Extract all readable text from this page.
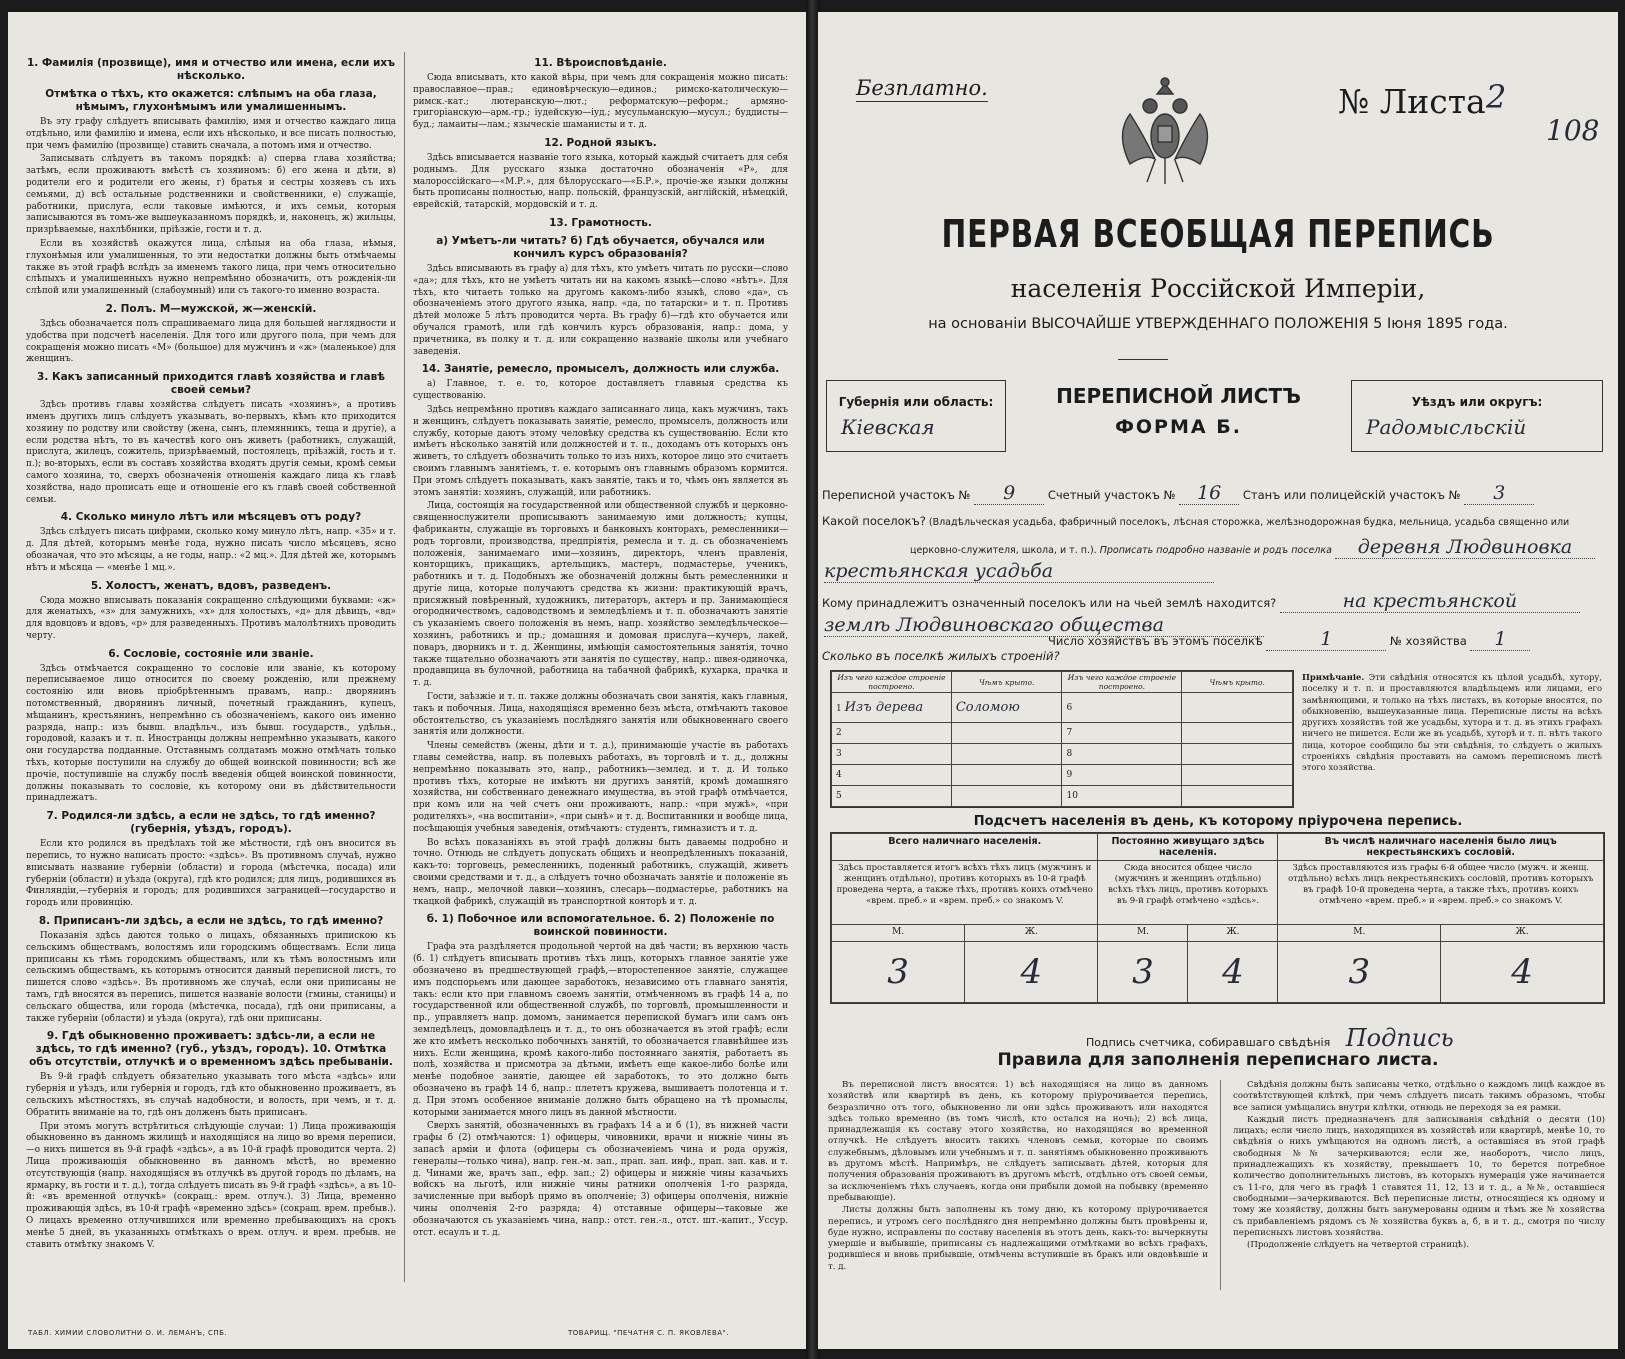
1. Фамилія (прозвище), имя и отчество или имена, если ихъ нѣсколько.
Отмѣтка о тѣхъ, кто окажется: слѣпымъ на оба глаза, нѣмымъ, глухонѣмымъ или умалишеннымъ.

Въ эту графу слѣдуетъ вписывать фамилію, имя и отчество каждаго лица отдѣльно, или фамилію и имена, если ихъ нѣсколько, и все писать полностью, при чемъ фамилію (прозвище) ставить сначала, а потомъ имя и отчество.

Записывать слѣдуетъ въ такомъ порядкѣ: а) сперва глава хозяйства; затѣмъ, если проживаютъ вмѣстѣ съ хозяиномъ: б) его жена и дѣти, в) родители его и родители его жены, г) братья и сестры хозяевъ съ ихъ семьями, д) всѣ остальные родственники и свойственники, е) служащіе, работники, прислуга, если таковые имѣются, и ихъ семьи, которыя записываются въ томъ-же вышеуказанномъ порядкѣ, и, наконецъ, ж) жильцы, призрѣваемые, нахлѣбники, пріѣзжіе, гости и т. д.

Если въ хозяйствѣ окажутся лица, слѣпыя на оба глаза, нѣмыя, глухонѣмыя или умалишенныя, то эти недостатки должны быть отмѣчаемы также въ этой графѣ вслѣдъ за именемъ такого лица, при чемъ относительно слѣпыхъ и умалишенныхъ нужно непремѣнно обозначить, отъ рожденія-ли слѣпой или умалишенный (слабоумный) или съ такого-то именно возраста.

2. Полъ. М—мужской, ж—женскій.

Здѣсь обозначается полъ спрашиваемаго лица для большей наглядности и удобства при подсчетѣ населенія. Для того или другого пола, при чемъ для сокращенія можно писать «М» (большое) для мужчинъ и «ж» (маленькое) для женщинъ.

3. Какъ записанный приходится главѣ хозяйства и главѣ своей семьи?

Здѣсь противъ главы хозяйства слѣдуетъ писать «хозяинъ», а противъ именъ другихъ лицъ слѣдуетъ указывать, во-первыхъ, кѣмъ кто приходится хозяину по родству или свойству (жена, сынъ, племянникъ, теща и другіе), а если родства нѣтъ, то въ качествѣ кого онъ живетъ (работникъ, служащій, прислуга, жилецъ, сожитель, призрѣваемый, постоялецъ, пріѣзжій, гость и т. п.); во-вторыхъ, если въ составъ хозяйства входятъ другія семьи, кромѣ семьи самого хозяина, то, сверхъ обозначенія отношенія каждаго лица къ главѣ хозяйства, надо прописать еще и отношеніе его къ главѣ своей собственной семьи.

4. Сколько минуло лѣтъ или мѣсяцевъ отъ роду?

Здѣсь слѣдуетъ писать цифрами, сколько кому минуло лѣтъ, напр. «35» и т. д. Для дѣтей, которымъ менѣе года, нужно писать число мѣсяцевъ, ясно обозначая, что это мѣсяцы, а не годы, напр.: «2 мц.». Для дѣтей же, которымъ нѣтъ и мѣсяца — «менѣе 1 мц.».

5. Холостъ, женатъ, вдовъ, разведенъ.

Сюда можно вписывать показанія сокращенно слѣдующими буквами: «ж» для женатыхъ, «з» для замужнихъ, «х» для холостыхъ, «д» для дѣвицъ, «вд» для вдовцовъ и вдовъ, «р» для разведенныхъ. Противъ малолѣтнихъ проводить черту.

6. Сословіе, состояніе или званіе.

Здѣсь отмѣчается сокращенно то сословіе или званіе, къ которому переписываемое лицо относится по своему рожденію, или прежнему состоянію или вновь пріобрѣтеннымъ правамъ, напр.: дворянинъ потомственный, дворянинъ личный, почетный гражданинъ, купецъ, мѣщанинъ, крестьянинъ, непремѣнно съ обозначеніемъ, какого онъ именно разряда, напр.: изъ бывш. владѣльч., изъ бывш. государств., удѣльн., городовой, казакъ и т. п. Иностранцы должны непремѣнно указывать, какого они государства подданные. Отставнымъ солдатамъ можно отмѣчать только тѣхъ, которые поступили на службу до общей воинской повинности; всѣ же прочіе, поступившіе на службу послѣ введенія общей воинской повинности, должны показывать то сословіе, къ которому они въ дѣйствительности принадлежатъ.

7. Родился-ли здѣсь, а если не здѣсь, то гдѣ именно? (губернія, уѣздъ, городъ).

Если кто родился въ предѣлахъ той же мѣстности, гдѣ онъ вносится въ перепись, то нужно написать просто: «здѣсь». Въ противномъ случаѣ, нужно вписывать название губерніи (области) и города (мѣстечка, посада) или губерніи (области) и уѣзда (округа), гдѣ кто родился; для лицъ, родившихся въ Финляндіи,—губернія и городъ; для родившихся заграницей—государство и городъ или провинцію.

8. Приписанъ-ли здѣсь, а если не здѣсь, то гдѣ именно?

Показанія здѣсь даются только о лицахъ, обязанныхъ припискою къ сельскимъ обществамъ, волостямъ или городскимъ обществамъ. Если лица приписаны къ тѣмъ городскимъ обществамъ, или къ тѣмъ волостнымъ или сельскимъ обществамъ, къ которымъ относится данный переписной листъ, то пишется слово «здѣсь». Въ противномъ же случаѣ, если они приписаны не тамъ, гдѣ вносятся въ перепись, пишется названіе волости (гмины, станицы) и сельскаго общества, или города (мѣстечка, посада), гдѣ они приписаны, а также губерніи (области) и уѣзда (округа), гдѣ они приписаны.

9. Гдѣ обыкновенно проживаетъ: здѣсь-ли, а если не здѣсь, то гдѣ именно? (губ., уѣздъ, городъ). 10. Отмѣтка объ отсутствіи, отлучкѣ и о временномъ здѣсь пребываніи.

Въ 9-й графѣ слѣдуетъ обязательно указывать того мѣста «здѣсь» или губернія и уѣздъ, или губернія и городъ, гдѣ кто обыкновенно проживаетъ, въ сельскихъ мѣстностяхъ, въ случаѣ надобности, и волость, при чемъ, и т. д. Обратить вниманіе на то, гдѣ онъ долженъ быть приписанъ.

При этомъ могутъ встрѣтиться слѣдующіе случаи: 1) Лица проживающія обыкновенно въ данномъ жилищѣ и находящіяся на лицо во время переписи,—о нихъ пишется въ 9-й графѣ «здѣсь», а въ 10-й графѣ проводится черта. 2) Лица проживающія обыкновенно въ данномъ мѣстѣ, но временно отсутствующія (напр. находящіяся въ отлучкѣ въ другой городъ по дѣламъ, на ярмарку, въ гости и т. д.), тогда слѣдуетъ писать въ 9-й графѣ «здѣсь», а въ 10-й: «въ временной отлучкѣ» (сокращ.: врем. отлуч.). 3) Лица, временно проживающія здѣсь, въ 10-й графѣ «временно здѣсь» (сокращ. врем. пребыв.). О лицахъ временно отлучившихся или временно пребывающихъ на срокъ менѣе 5 дней, въ указанныхъ отмѣткахъ о врем. отлуч. и врем. пребыв. не ставить отмѣтку знакомъ V.

11. Вѣроисповѣданіе.

Сюда вписывать, кто какой вѣры, при чемъ для сокращенія можно писать: православное—прав.; единовѣрческую—единов.; римско-католическую—римск.-кат.; лютеранскую—лют.; реформатскую—реформ.; армяно-григоріанскую—арм.-гр.; іудейскую—іуд.; мусульманскую—мусул.; буддисты—буд.; ламаиты—лам.; языческіе шаманисты и т. д.

12. Родной языкъ.

Здѣсь вписывается названіе того языка, который каждый считаетъ для себя роднымъ. Для русскаго языка достаточно обозначенія «Р», для малороссійскаго—«М.Р.», для бѣлорусскаго—«Б.Р.», прочіе-же языки должны быть прописаны полностью, напр. польскій, французскій, англійскій, нѣмецкій, еврейскій, татарскій, мордовскій и т. д.

13. Грамотность.
а) Умѣетъ-ли читать? б) Гдѣ обучается, обучался или кончилъ курсъ образованія?

Здѣсь вписывають въ графу а) для тѣхъ, кто умѣетъ читать по русски—слово «да»; для тѣхъ, кто не умѣетъ читать ни на какомъ языкѣ—слово «нѣтъ». Для тѣхъ, кто читаетъ только на другомъ какомъ-либо языкѣ, слово «да», съ обозначеніемъ этого другого языка, напр. «да, по татарски» и т. п. Противъ дѣтей моложе 5 лѣтъ проводится черта. Въ графу б)—гдѣ кто обучается или обучался грамотѣ, или гдѣ кончилъ курсъ образованія, напр.: дома, у причетника, въ полку и т. д. или сокращенно названіе школы или учебнаго заведенія.

14. Занятіе, ремесло, промыселъ, должность или служба.

а) Главное, т. е. то, которое доставляетъ главныя средства къ существованію.

Здѣсь непремѣнно противъ каждаго записаннаго лица, какъ мужчинъ, такъ и женщинъ, слѣдуетъ показывать занятіе, ремесло, промыселъ, должность или службу, которые даютъ этому человѣку средства къ существованію. Если кто имѣетъ нѣсколько занятій или должностей и т. п., доходамъ отъ которыхъ онъ живетъ, то слѣдуетъ обозначить только то изъ нихъ, которое лицо это считаетъ своимъ главнымъ занятіемъ, т. е. которымъ онъ главнымъ образомъ кормится. При этомъ слѣдуетъ показывать, какъ занятіе, такъ и то, чѣмъ онъ является въ этомъ занятіи: хозяинъ, служащій, или работникъ.

Лица, состоящія на государственной или общественной службѣ и церковно-священнослужители прописываютъ занимаемую ими должность; купцы, фабриканты, служащіе въ торговыхъ и банковыхъ конторахъ, ремесленники—родъ торговли, производства, предпріятія, ремесла и т. д. съ обозначеніемъ положенія, занимаемаго ими—хозяинъ, директоръ, членъ правленія, конторщикъ, прикащикъ, артельщикъ, мастеръ, подмастерье, ученикъ, работникъ и т. д. Подобныхъ же обозначеній должны быть ремесленники и другіе лица, которые получаютъ средства къ жизни: практикующій врачъ, присяжный повѣренный, художникъ, литераторъ, актеръ и пр. Занимающіеся огородничествомъ, садоводствомъ и земледѣліемъ и т. п. обозначаютъ занятіе съ указаніемъ своего положенія въ немъ, напр. хозяйство земледѣльческое—хозяинъ, работникъ и пр.; домашняя и домовая прислуга—кучеръ, лакей, поваръ, дворникъ и т. д. Женщины, имѣющія самостоятельныя занятія, точно также тщательно обозначаютъ эти занятія по существу, напр.: швея-одиночка, продавщица въ булочной, работница на табачной фабрикѣ, кухарка, прачка и т. д.

Гости, заѣзжіе и т. п. также должны обозначать свои занятія, какъ главныя, такъ и побочныя. Лица, находящіяся временно безъ мѣста, отмѣчаютъ таковое обстоятельство, съ указаніемъ послѣдняго занятія или обыкновеннаго своего занятія или должности.

Члены семействъ (жены, дѣти и т. д.), принимающіе участіе въ работахъ главы семейства, напр. въ полевыхъ работахъ, въ торговлѣ и т. д., должны непремѣнно показывать это, напр., работникъ—землед. и т. д. И только противъ тѣхъ, которые не имѣютъ ни другихъ занятій, кромѣ домашняго хозяйства, ни собственнаго денежнаго имущества, въ этой графѣ отмѣчается, при комъ или на чей счетъ они проживаютъ, напр.: «при мужѣ», «при родителяхъ», «на воспитаніи», «при сынѣ» и т. д. Воспитанники и вообще лица, посѣщающія учебныя заведенія, отмѣчаютъ: студентъ, гимназистъ и т. д.

Во всѣхъ показаніяхъ въ этой графѣ должны быть даваемы подробно и точно. Отнюдь не слѣдуетъ допускать общихъ и неопредѣленныхъ показаній, какъ-то: торговецъ, ремесленникъ, поденный работникъ, служащій, живетъ своими средствами и т. д., а слѣдуетъ точно обозначать занятіе и положеніе въ немъ, напр., мелочной лавки—хозяинъ, слесарь—подмастерье, работникъ на ткацкой фабрикѣ, служащій въ транспортной конторѣ и т. д.

б. 1) Побочное или вспомогательное. б. 2) Положеніе по воинской повинности.

Графа эта раздѣляется продольной чертой на двѣ части; въ верхнюю часть (б. 1) слѣдуетъ вписывать противъ тѣхъ лицъ, которыхъ главное занятіе уже обозначено въ предшествующей графѣ,—второстепенное занятіе, служащее имъ подспорьемъ или дающее заработокъ, независимо отъ главнаго занятія, такъ: если кто при главномъ своемъ занятіи, отмѣченномъ въ графѣ 14 а, по государственной или общественной службѣ, по торговлѣ, промышленности и пр., управляетъ напр. домомъ, занимается перепиской бумагъ или самъ онъ земледѣлецъ, домовладѣлецъ и т. д., то онъ обозначается въ этой графѣ; если же кто имѣетъ несколько побочныхъ занятій, то обозначается главнѣйшее изъ нихъ. Если женщина, кромѣ какого-либо постояннаго занятія, работаетъ въ полѣ, хозяйства и присмотра за дѣтьми, имѣетъ еще какое-либо болѣе или менѣе подобное занятіе, дающее ей заработокъ, то это должно быть обозначено въ графѣ 14 б, напр.: плететъ кружева, вышиваетъ полотенца и т. д. При этомъ особенное вниманіе должно быть обращено на тѣ промыслы, которыми занимается много лицъ въ данной мѣстности.

Сверхъ занятій, обозначенныхъ въ графахъ 14 а и б (1), въ нижней части графы б (2) отмѣчаются: 1) офицеры, чиновники, врачи и нижніе чины въ запасѣ арміи и флота (офицеры съ обозначеніемъ чина и рода оружія, генералы—только чина), напр. ген.-м. зап., прап. зап. инф., прап. зап. кав. и т. д. Чинами же, врачъ зап., ефр. зап.; 2) офицеры и нижніе чины казачьихъ войскъ на льготѣ, или нижніе чины ратники ополченія 1-го разряда, зачисленные при выборѣ прямо въ ополченіе; 3) офицеры ополченія, нижніе чины ополченія 2-го разряда; 4) отставные офицеры—таковые же обозначаются съ указаніемъ чина, напр.: отст. ген.-л., отст. шт.-капит., Уссур. отст. есаулъ и т. д.

ТАБЛ. ХИМИИ СЛОВОЛИТНИ О. И. ЛЕМАНЪ, СПБ.	ТОВАРИЩ. "ПЕЧАТНЯ С. П. ЯКОВЛЕВА".
Безплатно.	№ Листа 2
108
ПЕРВАЯ ВСЕОБЩАЯ ПЕРЕПИСЬ
населенія Россійской Имперіи,
на основаніи ВЫСОЧАЙШЕ УТВЕРЖДЕННАГО ПОЛОЖЕНІЯ 5 Іюня 1895 года.
Губернія или область:
Кіевская
ПЕРЕПИСНОЙ ЛИСТЪ
ФОРМА Б.
Уѣздъ или округъ:
Радомысльскій
Переписной участокъ № 9	Счетный участокъ № 16 Станъ или полицейскій участокъ № 3
Какой поселокъ? (Владѣльческая усадьба, фабричный поселокъ, лѣсная сторожка, желѣзнодорожная будка, мельница, усадьба священно или
церковно-служителя, школа, и т. п.). Прописать подробно названіе и родъ поселка деревня Людвиновка
крестьянская усадьба
Кому принадлежитъ означенный поселокъ или на чьей землѣ находится?	на крестьянской
землѣ Людвиновскаго общества
Число хозяйствъ въ этомъ поселкѣ	1	№ хозяйства 1
Сколько въ поселкѣ жилыхъ строеній?
Изъ чего каждое строеніе построено.	Чѣмъ крыто.	Изъ чего каждое строеніе построено.	Чѣмъ крыто.
1 Изъ дерева	Соломою	6	
2		7	
3		8	
4		9	
5		10	
Примѣчаніе. Эти свѣдѣнія относятся къ цѣлой усадьбѣ, хутору, поселку и т. п. и проставляются владѣльцемъ или лицами, его замѣняющими, и только на тѣхъ листахъ, въ которые вносятся, по обыкновенію, вышеуказанные лица. Переписные листы на всѣхъ другихъ хозяйствъ той же усадьбы, хутора и т. д. въ этихъ графахъ ничего не пишется. Если же въ усадьбѣ, хуторѣ и т. п. нѣтъ такого лица, которое сообщило бы эти свѣдѣнія, то слѣдуетъ о жилыхъ строеніяхъ свѣдѣнія проставить на самомъ переписномъ листѣ этого хозяйства.
Подсчетъ населенія въ день, къ которому пріурочена перепись.
Всего наличнаго населенія.		Постоянно живущаго здѣсь населенія.		Въ числѣ наличнаго населенія было лицъ некрестьянскихъ сословій.	
Здѣсь проставляется итогъ всѣхъ тѣхъ лицъ (мужчинъ и женщинъ отдѣльно), противъ которыхъ въ 10-й графѣ проведена черта, а также тѣхъ, противъ коихъ отмѣчено «врем. преб.» и «врем. преб.» со знакомъ V.		Сюда вносится общее число (мужчинъ и женщинъ отдѣльно) всѣхъ тѣхъ лицъ, противъ которыхъ въ 9-й графѣ отмѣчено «здѣсь».		Здѣсь проставляются изъ графы 6-й общее число (мужч. и женщ. отдѣльно) всѣхъ лицъ некрестьянскихъ сословій, противъ которыхъ въ графѣ 10-й проведена черта, а также тѣхъ, противъ коихъ отмѣчено «врем. преб.» и «врем. преб.» со знакомъ V.	
М.	Ж.	М.	Ж.	М.	Ж.
3	4	3	4	3	4
Подпись счетчика, собиравшаго свѣдѣнія Подпись
Правила для заполненія переписнаго листа.

Въ переписной листъ вносятся: 1) всѣ находящіяся на лицо въ данномъ хозяйствѣ или квартирѣ въ день, къ которому пріурочивается перепись, безразлично отъ того, обыкновенно ли они здѣсь проживаютъ или находятся здѣсь только временно (въ томъ числѣ, кто остался на ночь); 2) всѣ лица, принадлежащія къ составу этого хозяйства, но находящіяся во временной отлучкѣ. Не слѣдуетъ вносить такихъ членовъ семьи, которые по своимъ служебнымъ, дѣловымъ или учебнымъ и т. п. занятіямъ обыкновенно проживаютъ въ другомъ мѣстѣ. Напримѣръ, не слѣдуетъ записывать дѣтей, которыя для получения образованія проживаютъ въ другомъ мѣстѣ, отдѣльно отъ своей семьи, за исключеніемъ тѣхъ случаевъ, когда они прибыли домой на побывку (временно пребывающіе).

Листы должны быть заполнены къ тому дню, къ которому пріурочивается перепись, и утромъ сего послѣдняго дня непремѣнно должны быть провѣрены и, буде нужно, исправлены по составу населенія въ этотъ день, какъ-то: вычеркнуты умершіе и выбывшіе, приписаны съ надлежащими отмѣтками во всѣхъ графахъ, родившіеся и вновь прибывшіе, отмѣчены вступившіе въ бракъ или овдовѣвшіе и т. д.

Свѣдѣнія должны быть записаны четко, отдѣльно о каждомъ лицѣ каждое въ соотвѣтствующей клѣткѣ, при чемъ слѣдуетъ писать такимъ образомъ, чтобы все записи умѣщались внутри клѣтки, отнюдь не переходя за ея рамки.

Каждый листъ предназначенъ для записыванія свѣдѣній о десяти (10) лицахъ; если число лицъ, находящихся въ хозяйствѣ или квартирѣ, менѣе 10, то свѣдѣнія о нихъ умѣщаются на одномъ листѣ, а оставшіяся въ этой графѣ свободныя №№ зачеркиваются; если же, наоборотъ, число лицъ, принадлежащихъ къ хозяйству, превышаетъ 10, то берется потребное количество дополнительныхъ листовъ, въ которыхъ нумерація уже начинается съ 11-го, для чего въ графѣ 1 ставятся 11, 12, 13 и т. д., а №№, оставшіеся свободными—зачеркиваются. Всѣ переписные листы, относящіеся къ одному и тому же хозяйству, должны быть занумерованы одним и тѣмъ же № хозяйства съ прибавленіемъ рядомъ съ № хозяйства буквъ а, б, в и т. д., смотря по числу переписныхъ листовъ хозяйства.

(Продолженіе слѣдуетъ на четвертой страницѣ).
